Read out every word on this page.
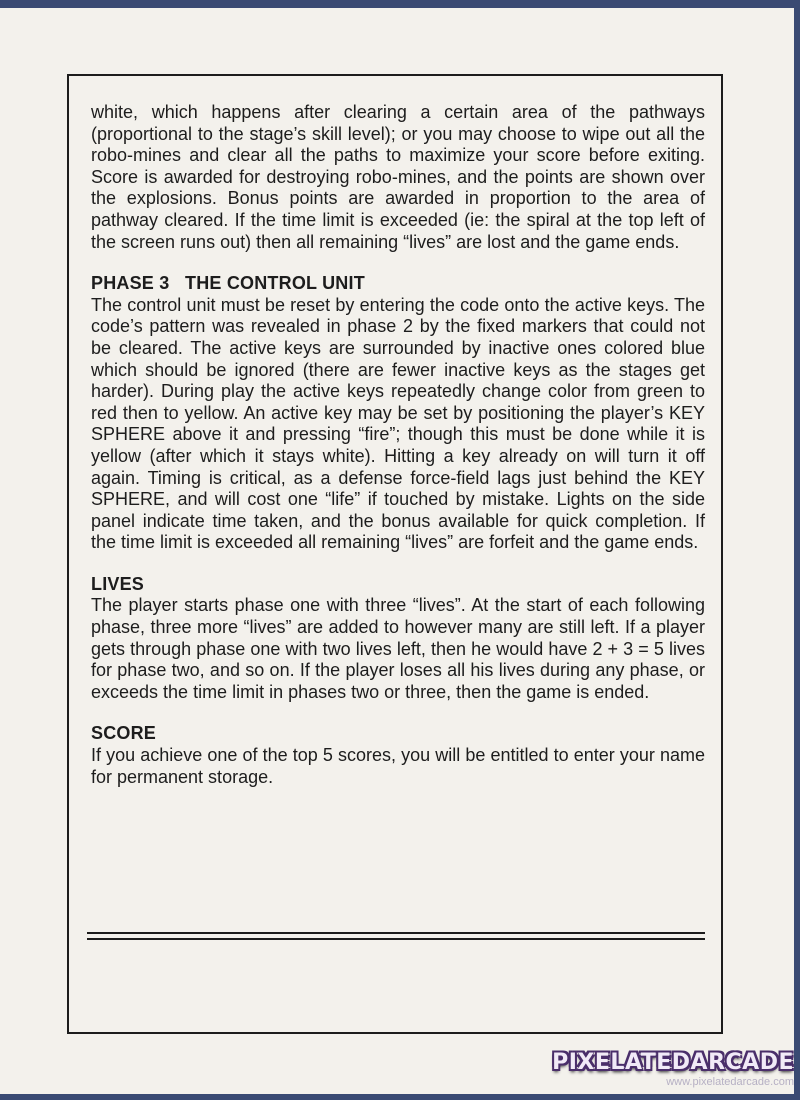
white, which happens after clearing a certain area of the pathways (proportional to the stage’s skill level); or you may choose to wipe out all the robo-mines and clear all the paths to maximize your score before exiting. Score is awarded for destroying robo-mines, and the points are shown over the explosions. Bonus points are awarded in proportion to the area of pathway cleared. If the time limit is exceeded (ie: the spiral at the top left of the screen runs out) then all remaining “lives” are lost and the game ends.

PHASE 3   THE CONTROL UNIT

The control unit must be reset by entering the code onto the active keys. The code’s pattern was revealed in phase 2 by the fixed markers that could not be cleared. The active keys are surrounded by inactive ones colored blue which should be ignored (there are fewer inactive keys as the stages get harder). During play the active keys repeatedly change color from green to red then to yellow. An active key may be set by positioning the player’s KEY SPHERE above it and pressing “fire”; though this must be done while it is yellow (after which it stays white). Hitting a key already on will turn it off again. Timing is critical, as a defense force-field lags just behind the KEY SPHERE, and will cost one “life” if touched by mistake. Lights on the side panel indicate time taken, and the bonus available for quick completion. If the time limit is exceeded all remaining “lives” are forfeit and the game ends.

LIVES

The player starts phase one with three “lives”. At the start of each following phase, three more “lives” are added to however many are still left. If a player gets through phase one with two lives left, then he would have 2 + 3 = 5 lives for phase two, and so on. If the player loses all his lives during any phase, or exceeds the time limit in phases two or three, then the game is ended.

SCORE

If you achieve one of the top 5 scores, you will be entitled to enter your name for permanent storage.

PIXELATEDARCADE
www.pixelatedarcade.com
